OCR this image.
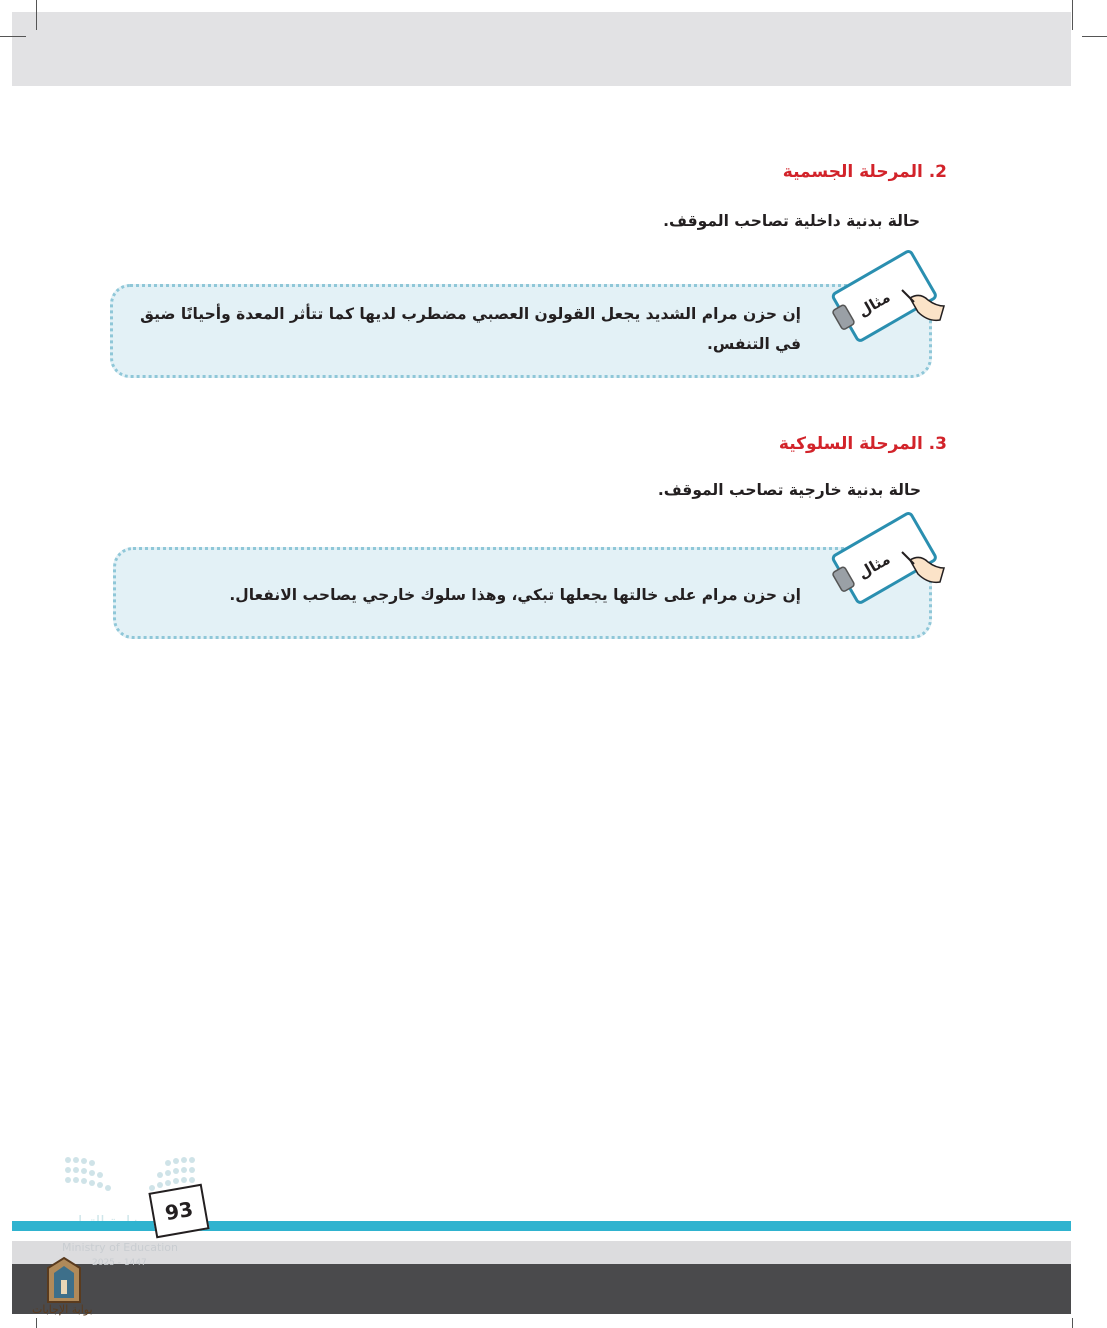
2. المرحلة الجسمية
حالة بدنية داخلية تصاحب الموقف.
إن حزن مرام الشديد يجعل القولون العصبي مضطرب لديها كما تتأثر المعدة وأحيانًا ضيق
في التنفس.
مثال
3. المرحلة السلوكية
حالة بدنية خارجية تصاحب الموقف.
إن حزن مرام على خالتها يجعلها تبكي، وهذا سلوك خارجي يصاحب الانفعال.
مثال
93
Ministry of Education
2025 - 1447
بوابة الإجابات
